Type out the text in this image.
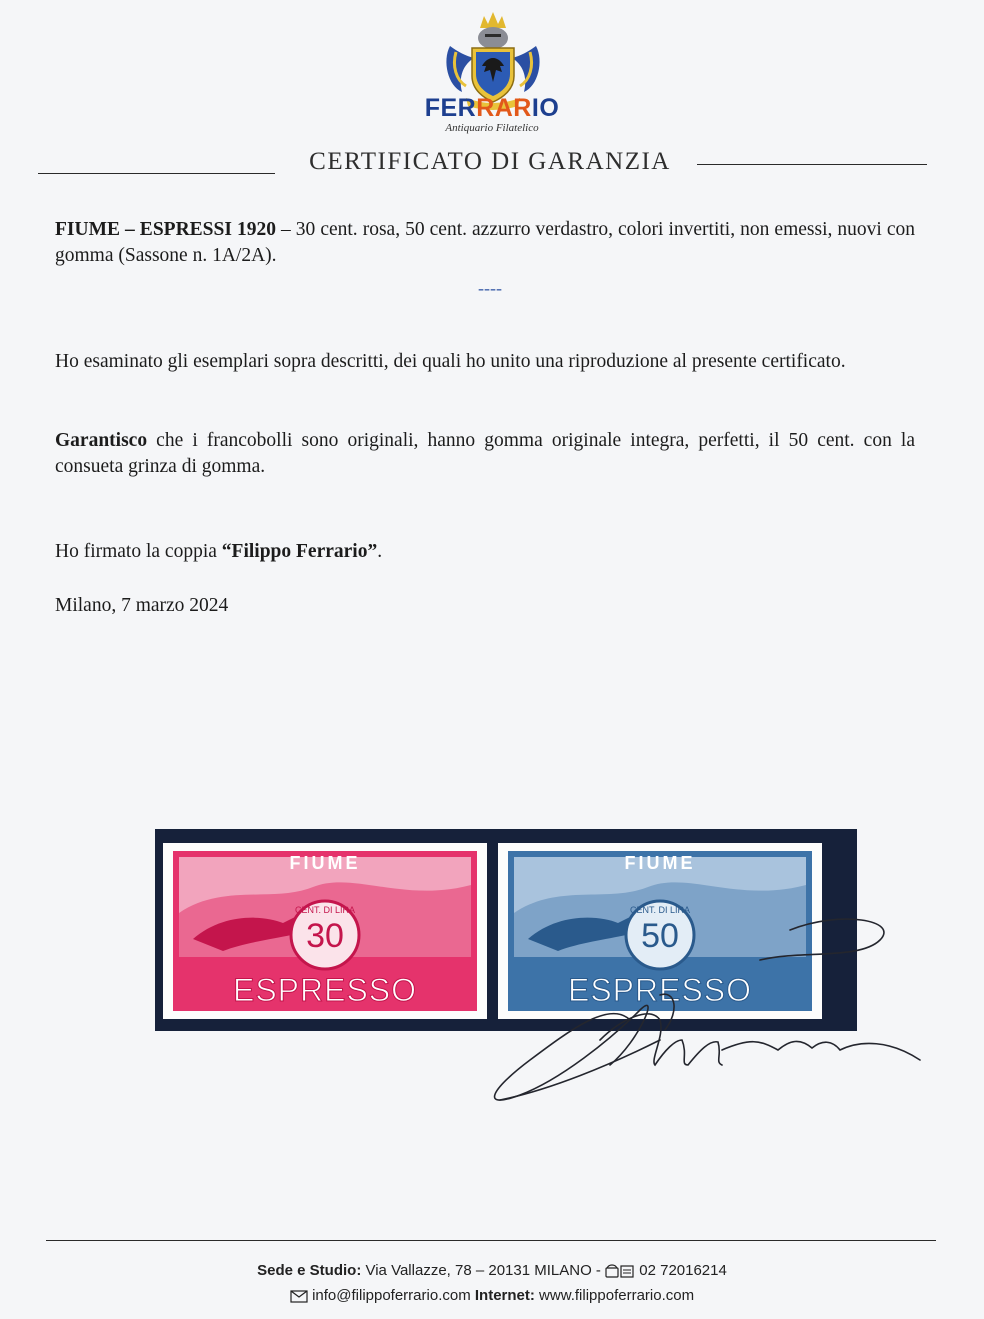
FERRARIO
Antiquario Filatelico
CERTIFICATO DI GARANZIA
FIUME – ESPRESSI 1920 – 30 cent. rosa, 50 cent. azzurro verdastro, colori invertiti, non emessi, nuovi con gomma (Sassone n. 1A/2A).
----
Ho esaminato gli esemplari sopra descritti, dei quali ho unito una riproduzione al presente certificato.
Garantisco che i francobolli sono originali, hanno gomma originale integra, perfetti, il 50 cent. con la consueta grinza di gomma.
Ho firmato la coppia “Filippo Ferrario”.
Milano, 7 marzo 2024
FIUME
CENT. DI LIRA
30
ESPRESSO
FIUME
CENT. DI LIRA
50
ESPRESSO
Sede e Studio: Via Vallazze, 78 – 20131 MILANO -  02 72016214
info@filippoferrario.com Internet: www.filippoferrario.com
